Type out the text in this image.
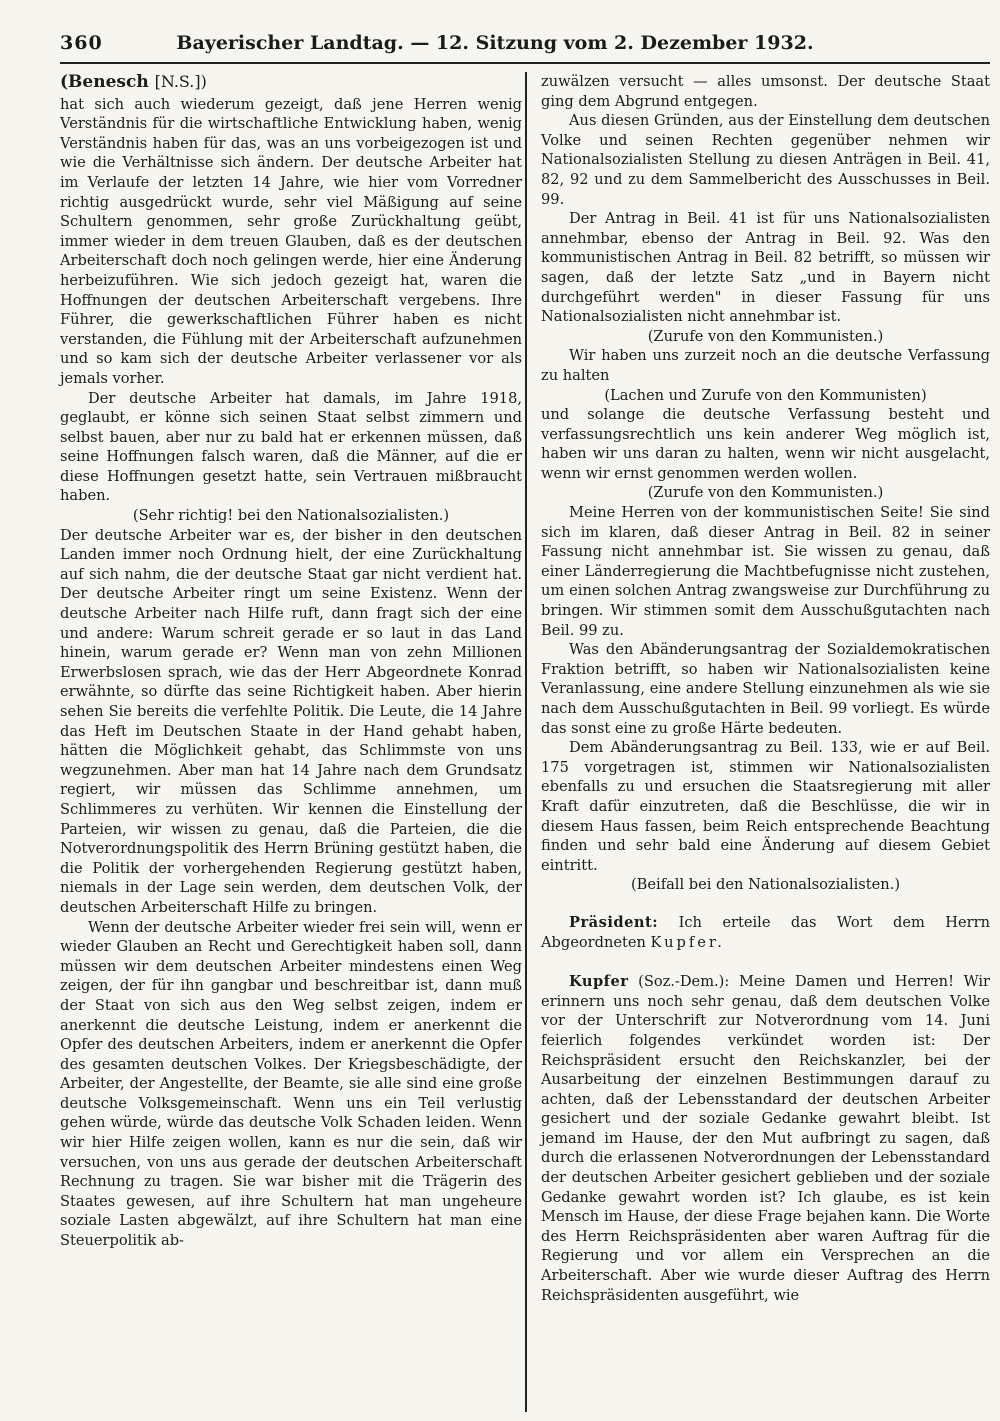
360	Bayerischer Landtag. — 12. Sitzung vom 2. Dezember 1932.

(Benesch [N.S.])

hat sich auch wiederum gezeigt, daß jene Herren wenig Verständnis für die wirtschaftliche Entwicklung haben, wenig Verständnis haben für das, was an uns vorbeigezogen ist und wie die Verhältnisse sich ändern. Der deutsche Arbeiter hat im Verlaufe der letzten 14 Jahre, wie hier vom Vorredner richtig ausgedrückt wurde, sehr viel Mäßigung auf seine Schultern genommen, sehr große Zurückhaltung geübt, immer wieder in dem treuen Glauben, daß es der deutschen Arbeiterschaft doch noch gelingen werde, hier eine Änderung herbeizuführen. Wie sich jedoch gezeigt hat, waren die Hoffnungen der deutschen Arbeiterschaft vergebens. Ihre Führer, die gewerkschaftlichen Führer haben es nicht verstanden, die Fühlung mit der Arbeiterschaft aufzunehmen und so kam sich der deutsche Arbeiter verlassener vor als jemals vorher.

Der deutsche Arbeiter hat damals, im Jahre 1918, geglaubt, er könne sich seinen Staat selbst zimmern und selbst bauen, aber nur zu bald hat er erkennen müssen, daß seine Hoffnungen falsch waren, daß die Männer, auf die er diese Hoffnungen gesetzt hatte, sein Vertrauen mißbraucht haben.

(Sehr richtig! bei den Nationalsozialisten.)

Der deutsche Arbeiter war es, der bisher in den deutschen Landen immer noch Ordnung hielt, der eine Zurückhaltung auf sich nahm, die der deutsche Staat gar nicht verdient hat. Der deutsche Arbeiter ringt um seine Existenz. Wenn der deutsche Arbeiter nach Hilfe ruft, dann fragt sich der eine und andere: Warum schreit gerade er so laut in das Land hinein, warum gerade er? Wenn man von zehn Millionen Erwerbslosen sprach, wie das der Herr Abgeordnete Konrad erwähnte, so dürfte das seine Richtigkeit haben. Aber hierin sehen Sie bereits die verfehlte Politik. Die Leute, die 14 Jahre das Heft im Deutschen Staate in der Hand gehabt haben, hätten die Möglichkeit gehabt, das Schlimmste von uns wegzunehmen. Aber man hat 14 Jahre nach dem Grundsatz regiert, wir müssen das Schlimme annehmen, um Schlimmeres zu verhüten. Wir kennen die Einstellung der Parteien, wir wissen zu genau, daß die Parteien, die die Notverordnungspolitik des Herrn Brüning gestützt haben, die die Politik der vorhergehenden Regierung gestützt haben, niemals in der Lage sein werden, dem deutschen Volk, der deutschen Arbeiterschaft Hilfe zu bringen.

Wenn der deutsche Arbeiter wieder frei sein will, wenn er wieder Glauben an Recht und Gerechtigkeit haben soll, dann müssen wir dem deutschen Arbeiter mindestens einen Weg zeigen, der für ihn gangbar und beschreitbar ist, dann muß der Staat von sich aus den Weg selbst zeigen, indem er anerkennt die deutsche Leistung, indem er anerkennt die Opfer des deutschen Arbeiters, indem er anerkennt die Opfer des gesamten deutschen Volkes. Der Kriegsbeschädigte, der Arbeiter, der Angestellte, der Beamte, sie alle sind eine große deutsche Volksgemeinschaft. Wenn uns ein Teil verlustig gehen würde, würde das deutsche Volk Schaden leiden. Wenn wir hier Hilfe zeigen wollen, kann es nur die sein, daß wir versuchen, von uns aus gerade der deutschen Arbeiterschaft Rechnung zu tragen. Sie war bisher mit die Trägerin des Staates gewesen, auf ihre Schultern hat man ungeheure soziale Lasten abgewälzt, auf ihre Schultern hat man eine Steuerpolitik ab-

zuwälzen versucht — alles umsonst. Der deutsche Staat ging dem Abgrund entgegen.

Aus diesen Gründen, aus der Einstellung dem deutschen Volke und seinen Rechten gegenüber nehmen wir Nationalsozialisten Stellung zu diesen Anträgen in Beil. 41, 82, 92 und zu dem Sammelbericht des Ausschusses in Beil. 99.

Der Antrag in Beil. 41 ist für uns Nationalsozialisten annehmbar, ebenso der Antrag in Beil. 92. Was den kommunistischen Antrag in Beil. 82 betrifft, so müssen wir sagen, daß der letzte Satz „und in Bayern nicht durchgeführt werden" in dieser Fassung für uns Nationalsozialisten nicht annehmbar ist.

(Zurufe von den Kommunisten.)

Wir haben uns zurzeit noch an die deutsche Verfassung zu halten

(Lachen und Zurufe von den Kommunisten)

und solange die deutsche Verfassung besteht und verfassungsrechtlich uns kein anderer Weg möglich ist, haben wir uns daran zu halten, wenn wir nicht ausgelacht, wenn wir ernst genommen werden wollen.

(Zurufe von den Kommunisten.)

Meine Herren von der kommunistischen Seite! Sie sind sich im klaren, daß dieser Antrag in Beil. 82 in seiner Fassung nicht annehmbar ist. Sie wissen zu genau, daß einer Länderregierung die Machtbefugnisse nicht zustehen, um einen solchen Antrag zwangsweise zur Durchführung zu bringen. Wir stimmen somit dem Ausschußgutachten nach Beil. 99 zu.

Was den Abänderungsantrag der Sozialdemokratischen Fraktion betrifft, so haben wir Nationalsozialisten keine Veranlassung, eine andere Stellung einzunehmen als wie sie nach dem Ausschußgutachten in Beil. 99 vorliegt. Es würde das sonst eine zu große Härte bedeuten.

Dem Abänderungsantrag zu Beil. 133, wie er auf Beil. 175 vorgetragen ist, stimmen wir Nationalsozialisten ebenfalls zu und ersuchen die Staatsregierung mit aller Kraft dafür einzutreten, daß die Beschlüsse, die wir in diesem Haus fassen, beim Reich entsprechende Beachtung finden und sehr bald eine Änderung auf diesem Gebiet eintritt.

(Beifall bei den Nationalsozialisten.)

Präsident: Ich erteile das Wort dem Herrn Abgeordneten Kupfer.

Kupfer (Soz.-Dem.): Meine Damen und Herren! Wir erinnern uns noch sehr genau, daß dem deutschen Volke vor der Unterschrift zur Notverordnung vom 14. Juni feierlich folgendes verkündet worden ist: Der Reichspräsident ersucht den Reichskanzler, bei der Ausarbeitung der einzelnen Bestimmungen darauf zu achten, daß der Lebensstandard der deutschen Arbeiter gesichert und der soziale Gedanke gewahrt bleibt. Ist jemand im Hause, der den Mut aufbringt zu sagen, daß durch die erlassenen Notverordnungen der Lebensstandard der deutschen Arbeiter gesichert geblieben und der soziale Gedanke gewahrt worden ist? Ich glaube, es ist kein Mensch im Hause, der diese Frage bejahen kann. Die Worte des Herrn Reichspräsidenten aber waren Auftrag für die Regierung und vor allem ein Versprechen an die Arbeiterschaft. Aber wie wurde dieser Auftrag des Herrn Reichspräsidenten ausgeführt, wie
